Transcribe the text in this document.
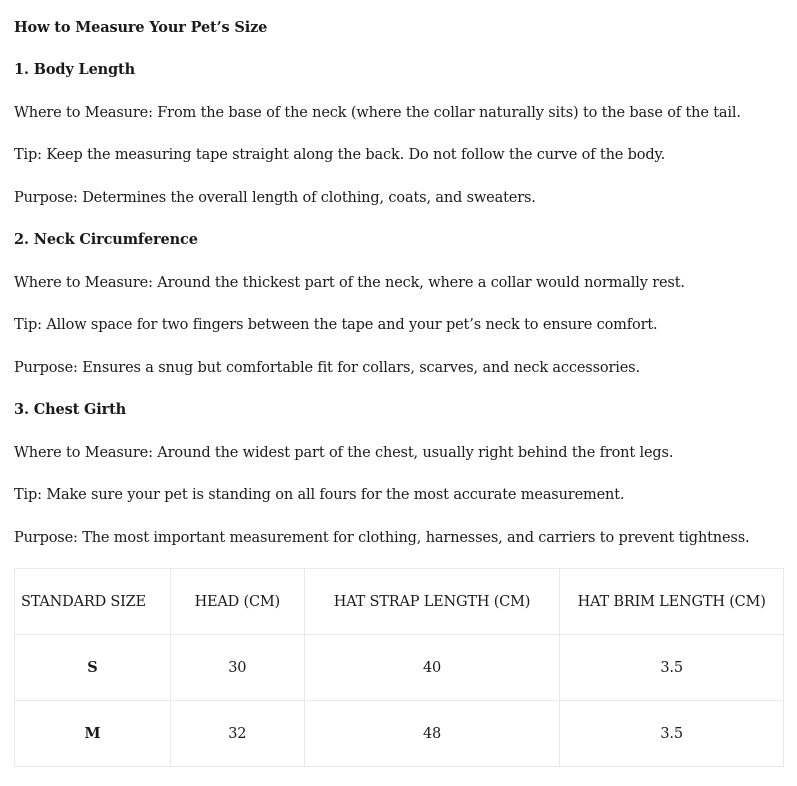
How to Measure Your Pet’s Size
1. Body Length
Where to Measure: From the base of the neck (where the collar naturally sits) to the base of the tail.
Tip: Keep the measuring tape straight along the back. Do not follow the curve of the body.
Purpose: Determines the overall length of clothing, coats, and sweaters.
2. Neck Circumference
Where to Measure: Around the thickest part of the neck, where a collar would normally rest.
Tip: Allow space for two fingers between the tape and your pet’s neck to ensure comfort.
Purpose: Ensures a snug but comfortable fit for collars, scarves, and neck accessories.
3. Chest Girth
Where to Measure: Around the widest part of the chest, usually right behind the front legs.
Tip: Make sure your pet is standing on all fours for the most accurate measurement.
Purpose: The most important measurement for clothing, harnesses, and carriers to prevent tightness.
STANDARD SIZE	HEAD (CM)	HAT STRAP LENGTH (CM)	HAT BRIM LENGTH (CM)
S	30	40	3.5
M	32	48	3.5
